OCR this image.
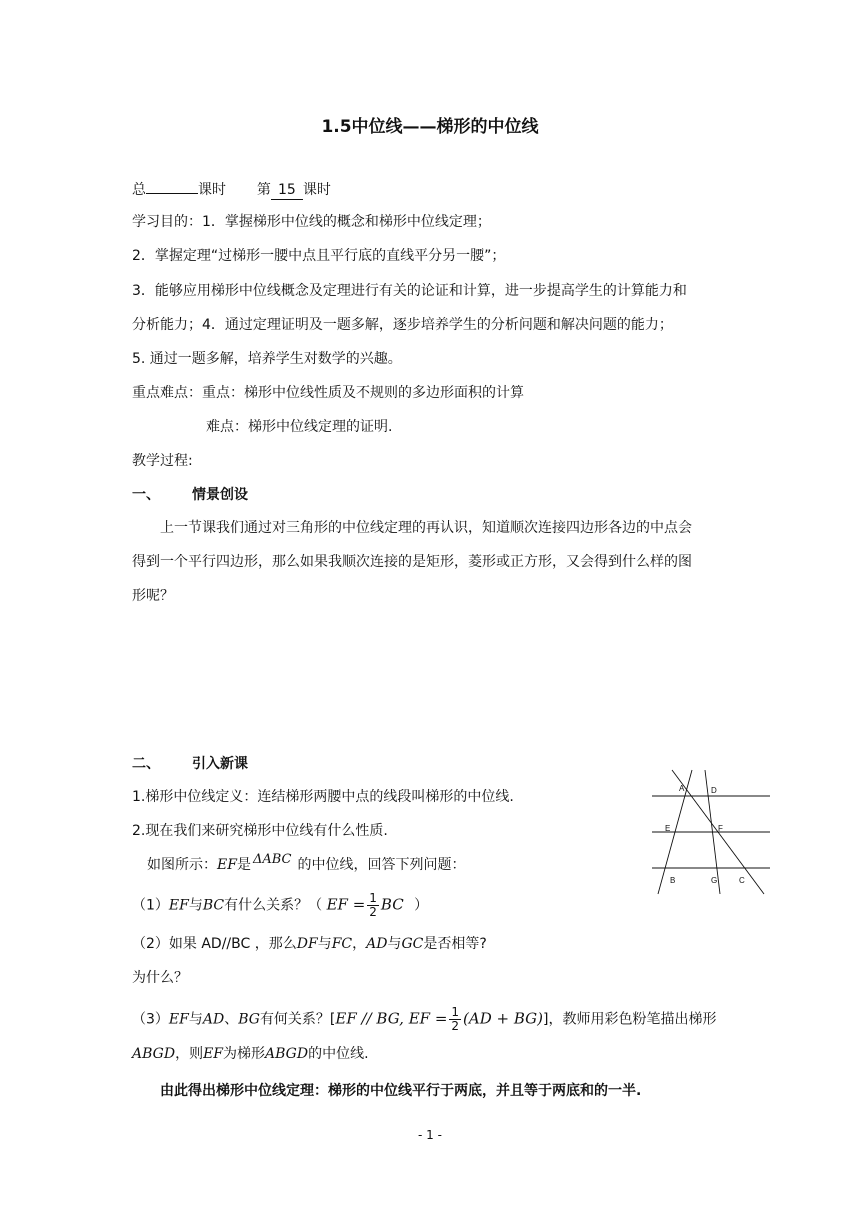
1.5中位线——梯形的中位线
总	课时 第 15 课时
学习目的：1．掌握梯形中位线的概念和梯形中位线定理；
2．掌握定理“过梯形一腰中点且平行底的直线平分另一腰”；
3．能够应用梯形中位线概念及定理进行有关的论证和计算，进一步提高学生的计算能力和
分析能力；4．通过定理证明及一题多解，逐步培养学生的分析问题和解决问题的能力；
5. 通过一题多解，培养学生对数学的兴趣。
重点难点：重点：梯形中位线性质及不规则的多边形面积的计算
难点：梯形中位线定理的证明.
教学过程:
一、 情景创设
上一节课我们通过对三角形的中位线定理的再认识，知道顺次连接四边形各边的中点会
得到一个平行四边形，那么如果我顺次连接的是矩形，菱形或正方形，又会得到什么样的图
形呢？
二、 引入新课
1.梯形中位线定义：连结梯形两腰中点的线段叫梯形的中位线.
2.现在我们来研究梯形中位线有什么性质.
如图所示：EF是 ΔABC 的中位线，回答下列问题：
（1）EF与BC有什么关系？（ EF = $\frac{1}{2}$ BC ）
（2）如果 AD//BC ，那么DF与FC，AD与GC是否相等?
为什么？
（3）EF与AD、BG有何关系？[EF // BG, EF = $\frac{1}{2} (AD + BG)$]，教师用彩色粉笔描出梯形
ABGD，则EF为梯形ABGD的中位线.
由此得出梯形中位线定理：梯形的中位线平行于两底，并且等于两底和的一半.
A	D
E	F
B	G	C
- 1 -
